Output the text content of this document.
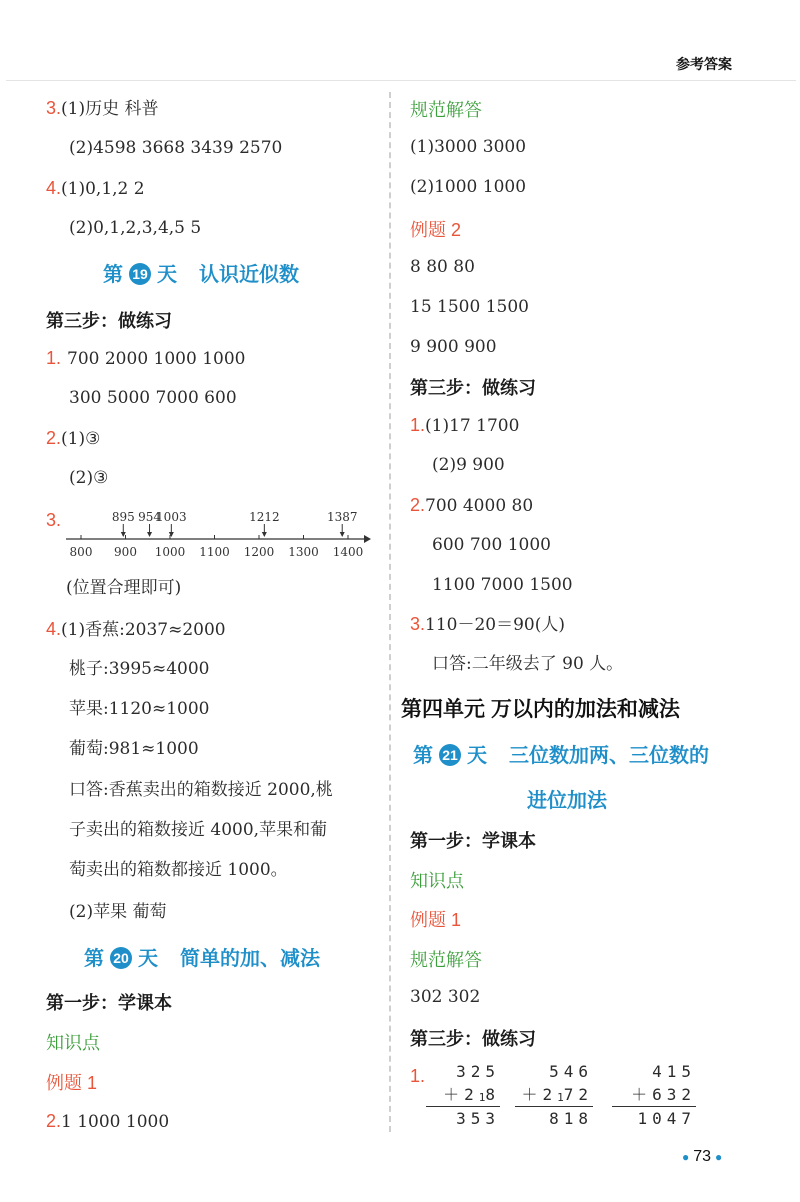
参考答案
3.(1)历史 科普
(2)4598 3668 3439 2570
4.(1)0,1,2 2
(2)0,1,2,3,4,5 5
第 19 天 认识近似数
第三步：做练习
1. 700 2000 1000 1000
300 5000 7000 600
2.(1)③
(2)③
3.
800 900 1000 1100 1200 1300 1400
895 954
1003	1212	1387
(位置合理即可)
4.(1)香蕉:2037≈2000
桃子:3995≈4000
苹果:1120≈1000
葡萄:981≈1000
口答:香蕉卖出的箱数接近 2000,桃
子卖出的箱数接近 4000,苹果和葡
萄卖出的箱数都接近 1000。
(2)苹果 葡萄
第 20 天 简单的加、减法
第一步：学课本
知识点
例题 1
2.1 1000 1000
规范解答
(1)3000 3000
(2)1000 1000
例题 2
8 80 80
15 1500 1500
9 900 900
第三步：做练习
1.(1)17 1700
(2)9 900
2.700 4000 80
600 700 1000
1100 7000 1500
3.110－20＝90(人)
口答:二年级去了 90 人。
第四单元 万以内的加法和减法
第 21 天 三位数加两、三位数的
进位加法
第一步：学课本
知识点
例题 1
规范解答
302 302
第三步：做练习
1.	325
＋218
353
546
＋2172
818
415
＋632
1047
● 73 ●
